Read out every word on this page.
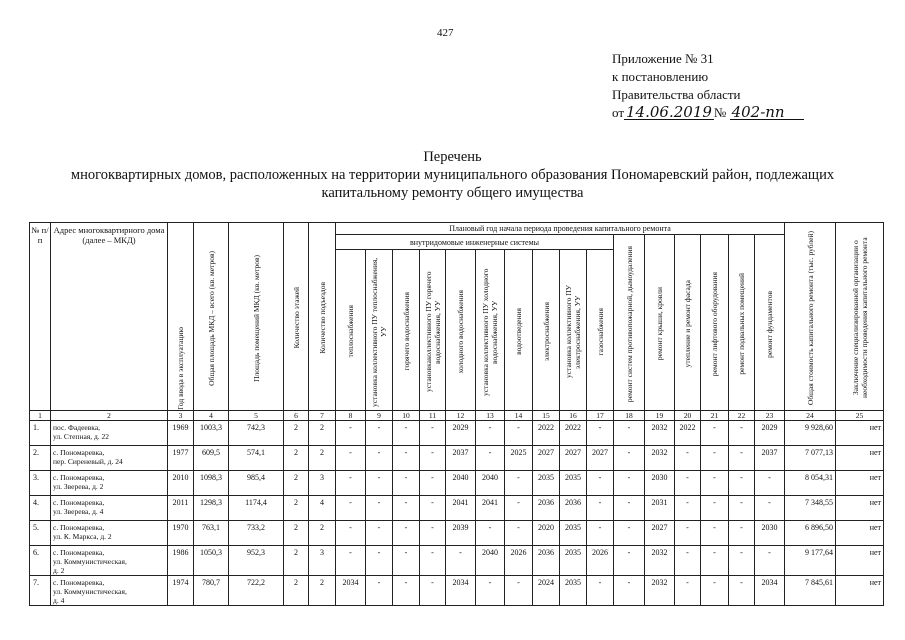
427
Приложение № 31
к постановлению
Правительства области
от 14.06.2019 № 402-пп
Перечень
многоквартирных домов, расположенных на территории муниципального образования Пономаревский район, подлежащих
капитальному ремонту общего имущества
№ п/п	Адрес многоквартирного дома (далее – МКД)	Год ввода в эксплуатацию	Общая площадь МКД – всего (кв. метров)	Площадь помещений МКД (кв. метров)	Количество этажей	Количество подъездов	Плановый год начала периода проведения капитального ремонта																Общая стоимость капитального ремонта (тыс. рублей)	Заключение специализированной организации о необходимости проведения капитального ремонта

							внутридомовые инженерные системы										ремонт систем противопожарной, дымоудаления	ремонт крыши, кровли	утепление и ремонт фасада	ремонт лифтового оборудования	ремонт подвальных помещений	ремонт фундаментов		

							теплоснабжения	установка коллективного ПУ теплоснабжения, УУ	горячего водоснабжения	установкаколлективного ПУ горячего водоснабжения, УУ	холодного водоснабжения	установка коллективного ПУ холодного водоснабжения, УУ	водоотведения	электроснабжения	установка коллективного ПУ электроснабжения, УУ	газоснабжения								

1	2	3	4	5	6	7	8	9	10	11	12	13	14	15	16	17	18	19	20	21	22	23	24	25
1.	пос. Фадеевка,
ул. Степная, д. 22	1969	1003,3	742,3	2	2	-	-	-	-	2029	-	-	2022	2022	-	-	2032	2022	-	-	2029	9 928,60	нет
2.	с. Пономаревка,
пер. Сиреневый, д. 24	1977	609,5	574,1	2	2	-	-	-	-	2037	-	2025	2027	2027	2027	-	2032	-	-	-	2037	7 077,13	нет
3.	с. Пономаревка,
ул. Зверева, д. 2	2010	1098,3	985,4	2	3	-	-	-	-	2040	2040	-	2035	2035	-	-	2030	-	-	-	-	8 054,31	нет
4.	с. Пономаревка,
ул. Зверева, д. 4	2011	1298,3	1174,4	2	4	-	-	-	-	2041	2041	-	2036	2036	-	-	2031	-	-	-	-	7 348,55	нет
5.	с. Пономаревка,
ул. К. Маркса, д. 2	1970	763,1	733,2	2	2	-	-	-	-	2039	-	-	2020	2035	-	-	2027	-	-	-	2030	6 896,50	нет
6.	с. Пономаревка,
ул. Коммунистическая,
д. 2	1986	1050,3	952,3	2	3	-	-	-	-	-	2040	2026	2036	2035	2026	-	2032	-	-	-	-	9 177,64	нет
7.	с. Пономаревка,
ул. Коммунистическая,
д. 4	1974	780,7	722,2	2	2	2034	-	-	-	2034	-	-	2024	2035	-	-	2032	-	-	-	2034	7 845,61	нет
